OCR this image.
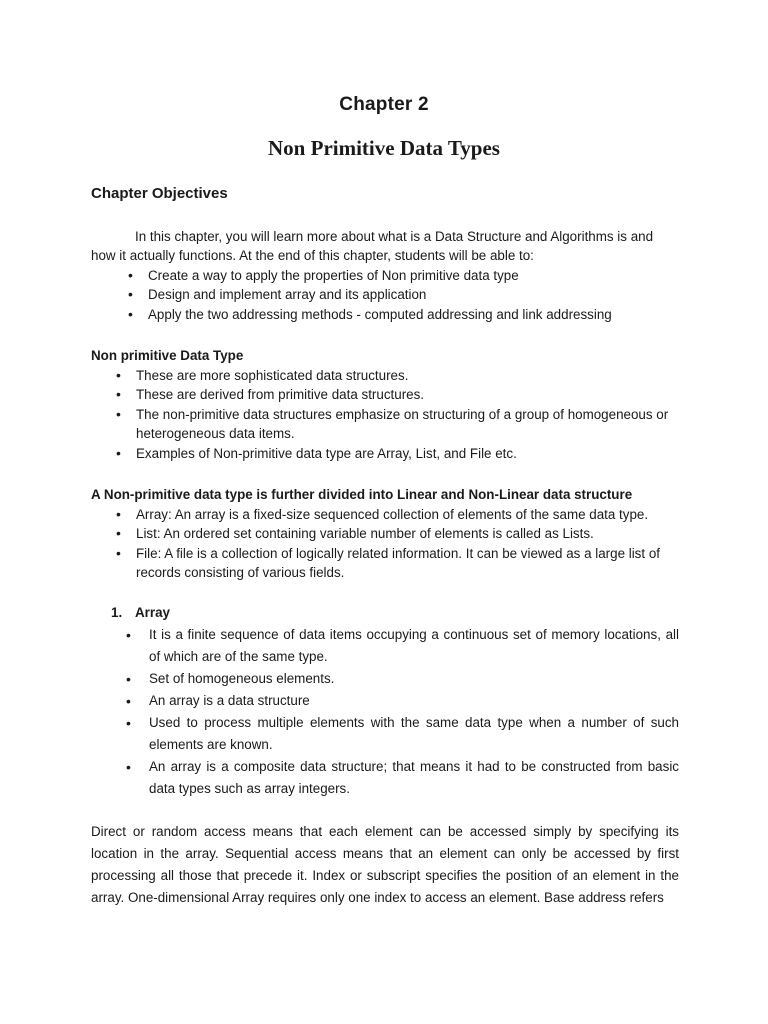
Chapter 2
Non Primitive Data Types
Chapter Objectives

In this chapter, you will learn more about what is a Data Structure and Algorithms is and how it actually functions. At the end of this chapter, students will be able to:

• Create a way to apply the properties of Non primitive data type
• Design and implement array and its application
• Apply the two addressing methods - computed addressing and link addressing
Non primitive Data Type
• These are more sophisticated data structures.
• These are derived from primitive data structures.
• The non-primitive data structures emphasize on structuring of a group of homogeneous or heterogeneous data items.
• Examples of Non-primitive data type are Array, List, and File etc.
A Non-primitive data type is further divided into Linear and Non-Linear data structure
• Array: An array is a fixed-size sequenced collection of elements of the same data type.
• List: An ordered set containing variable number of elements is called as Lists.
• File: A file is a collection of logically related information. It can be viewed as a large list of records consisting of various fields.
1. Array
• It is a finite sequence of data items occupying a continuous set of memory locations, all of which are of the same type.
• Set of homogeneous elements.
• An array is a data structure
• Used to process multiple elements with the same data type when a number of such elements are known.
• An array is a composite data structure; that means it had to be constructed from basic data types such as array integers.

Direct or random access means that each element can be accessed simply by specifying its location in the array. Sequential access means that an element can only be accessed by first processing all those that precede it. Index or subscript specifies the position of an element in the array. One-dimensional Array requires only one index to access an element. Base address refers
